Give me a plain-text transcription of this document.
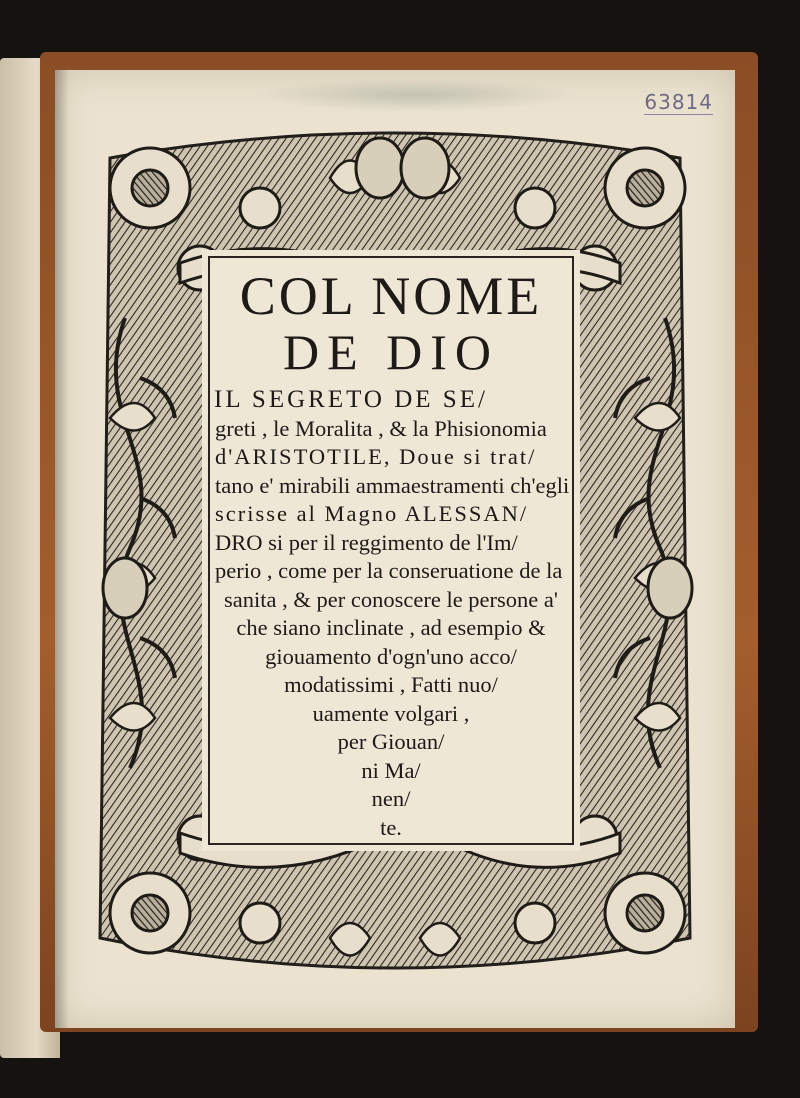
63814
COL NOME
DE DIO
IL SEGRETO DE SE/
greti , le Moralita , & la Phisionomia
d'ARISTOTILE, Doue si trat/
tano e' mirabili ammaestramenti ch'egli
scrisse al Magno ALESSAN/
DRO si per il reggimento de l'Im/
perio , come per la conseruatione de la
sanita , & per conoscere le persone a'
che siano inclinate , ad esempio &
giouamento d'ogn'uno acco/
modatissimi , Fatti nuo/
uamente volgari ,
per Giouan/
ni Ma/
nen/
te.
